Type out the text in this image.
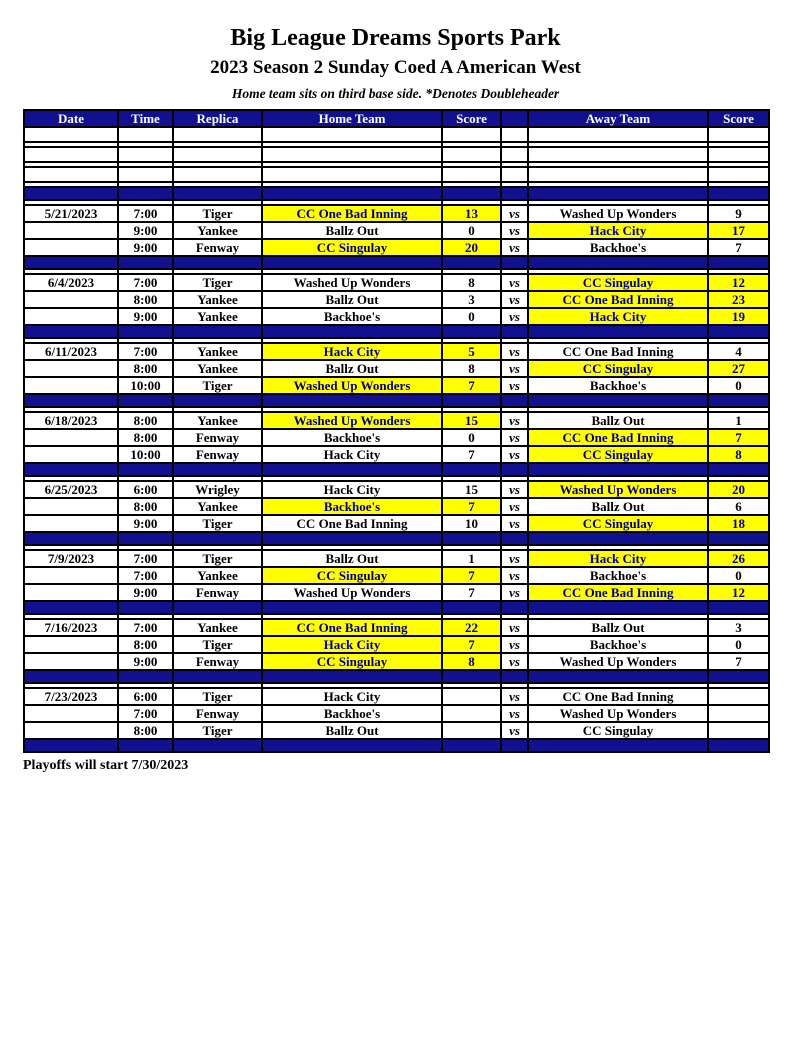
Big League Dreams Sports Park
2023 Season 2 Sunday Coed A American West
Home team sits on third base side. *Denotes Doubleheader
Date	Time	Replica	Home Team	Score		Away Team	Score

5/21/2023	7:00	Tiger	CC One Bad Inning	13	vs	Washed Up Wonders	9
	9:00	Yankee	Ballz Out	0	vs	Hack City	17
	9:00	Fenway	CC Singulay	20	vs	Backhoe's	7

6/4/2023	7:00	Tiger	Washed Up Wonders	8	vs	CC Singulay	12
	8:00	Yankee	Ballz Out	3	vs	CC One Bad Inning	23
	9:00	Yankee	Backhoe's	0	vs	Hack City	19

6/11/2023	7:00	Yankee	Hack City	5	vs	CC One Bad Inning	4
	8:00	Yankee	Ballz Out	8	vs	CC Singulay	27
	10:00	Tiger	Washed Up Wonders	7	vs	Backhoe's	0

6/18/2023	8:00	Yankee	Washed Up Wonders	15	vs	Ballz Out	1
	8:00	Fenway	Backhoe's	0	vs	CC One Bad Inning	7
	10:00	Fenway	Hack City	7	vs	CC Singulay	8

6/25/2023	6:00	Wrigley	Hack City	15	vs	Washed Up Wonders	20
	8:00	Yankee	Backhoe's	7	vs	Ballz Out	6
	9:00	Tiger	CC One Bad Inning	10	vs	CC Singulay	18

7/9/2023	7:00	Tiger	Ballz Out	1	vs	Hack City	26
	7:00	Yankee	CC Singulay	7	vs	Backhoe's	0
	9:00	Fenway	Washed Up Wonders	7	vs	CC One Bad Inning	12

7/16/2023	7:00	Yankee	CC One Bad Inning	22	vs	Ballz Out	3
	8:00	Tiger	Hack City	7	vs	Backhoe's	0
	9:00	Fenway	CC Singulay	8	vs	Washed Up Wonders	7

7/23/2023	6:00	Tiger	Hack City		vs	CC One Bad Inning	
	7:00	Fenway	Backhoe's		vs	Washed Up Wonders	
	8:00	Tiger	Ballz Out		vs	CC Singulay	

Playoffs will start 7/30/2023
